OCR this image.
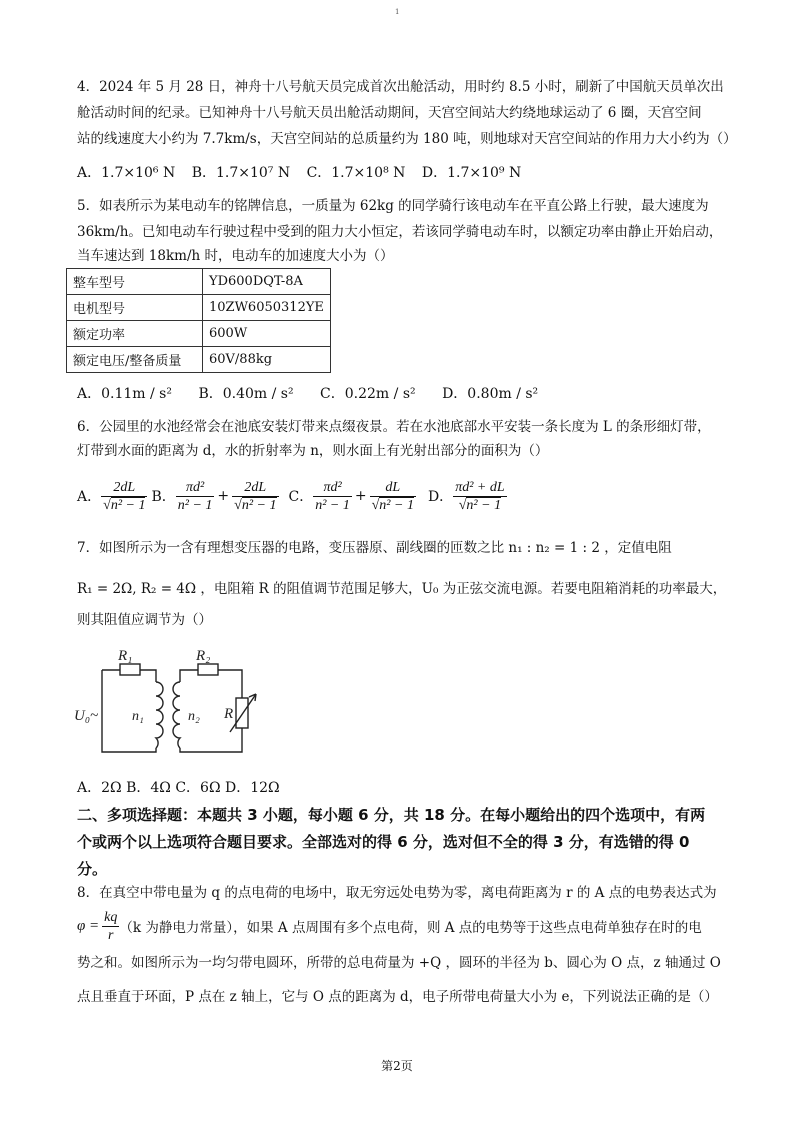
1
4．2024 年 5 月 28 日，神舟十八号航天员完成首次出舱活动，用时约 8.5 小时，刷新了中国航天员单次出
舱活动时间的纪录。已知神舟十八号航天员出舱活动期间，天宫空间站大约绕地球运动了 6 圈，天宫空间
站的线速度大小约为 7.7km/s，天宫空间站的总质量约为 180 吨，则地球对天宫空间站的作用力大小约为（）
A．1.7×10⁶ N B．1.7×10⁷ N C．1.7×10⁸ N D．1.7×10⁹ N
5．如表所示为某电动车的铭牌信息，一质量为 62kg 的同学骑行该电动车在平直公路上行驶，最大速度为
36km/h。已知电动车行驶过程中受到的阻力大小恒定，若该同学骑电动车时，以额定功率由静止开始启动，
当车速达到 18km/h 时，电动车的加速度大小为（）
整车型号	YD600DQT-8A
电机型号	10ZW6050312YE
额定功率	600W
额定电压/整备质量	60V/88kg
A．0.11m / s² B．0.40m / s² C．0.22m / s² D．0.80m / s²
6．公园里的水池经常会在池底安装灯带来点缀夜景。若在水池底部水平安装一条长度为 L 的条形细灯带，
灯带到水面的距离为 d，水的折射率为 n，则水面上有光射出部分的面积为（）
A． $\frac{2dL}{\text{√n² − 1}}$ B． $\frac{\text{πd²}}{\text{n² − 1}} + \frac{2dL}{\text{√n² − 1}}$ C． $\frac{\text{πd²}}{\text{n² − 1}} + \frac{dL}{\text{√n² − 1}}$ D． $\frac{\text{πd² + dL}}{\text{√n² − 1}}$
7．如图所示为一含有理想变压器的电路，变压器原、副线圈的匝数之比 n₁ : n₂ = 1 : 2 ，定值电阻
R₁ = 2Ω, R₂ = 4Ω ，电阻箱 R 的阻值调节范围足够大，U₀ 为正弦交流电源。若要电阻箱消耗的功率最大，
则其阻值应调节为（）
R₁	R₂
U₀~ n₁	n₂ R
A．2Ω B．4Ω C．6Ω D．12Ω
二、多项选择题：本题共 3 小题，每小题 6 分，共 18 分。在每小题给出的四个选项中，有两
个或两个以上选项符合题目要求。全部选对的得 6 分，选对但不全的得 3 分，有选错的得 0
分。
8．在真空中带电量为 q 的点电荷的电场中，取无穷远处电势为零，离电荷距离为 r 的 A 点的电势表达式为
$\varphi = \frac{kq}{r} (k$ 为静电力常量），如果 A 点周围有多个点电荷，则 A 点的电势等于这些点电荷单独存在时的电
势之和。如图所示为一均匀带电圆环，所带的总电荷量为 +Q ，圆环的半径为 b、圆心为 O 点，z 轴通过 O
点且垂直于环面，P 点在 z 轴上，它与 O 点的距离为 d，电子所带电荷量大小为 e，下列说法正确的是（）
第2页
